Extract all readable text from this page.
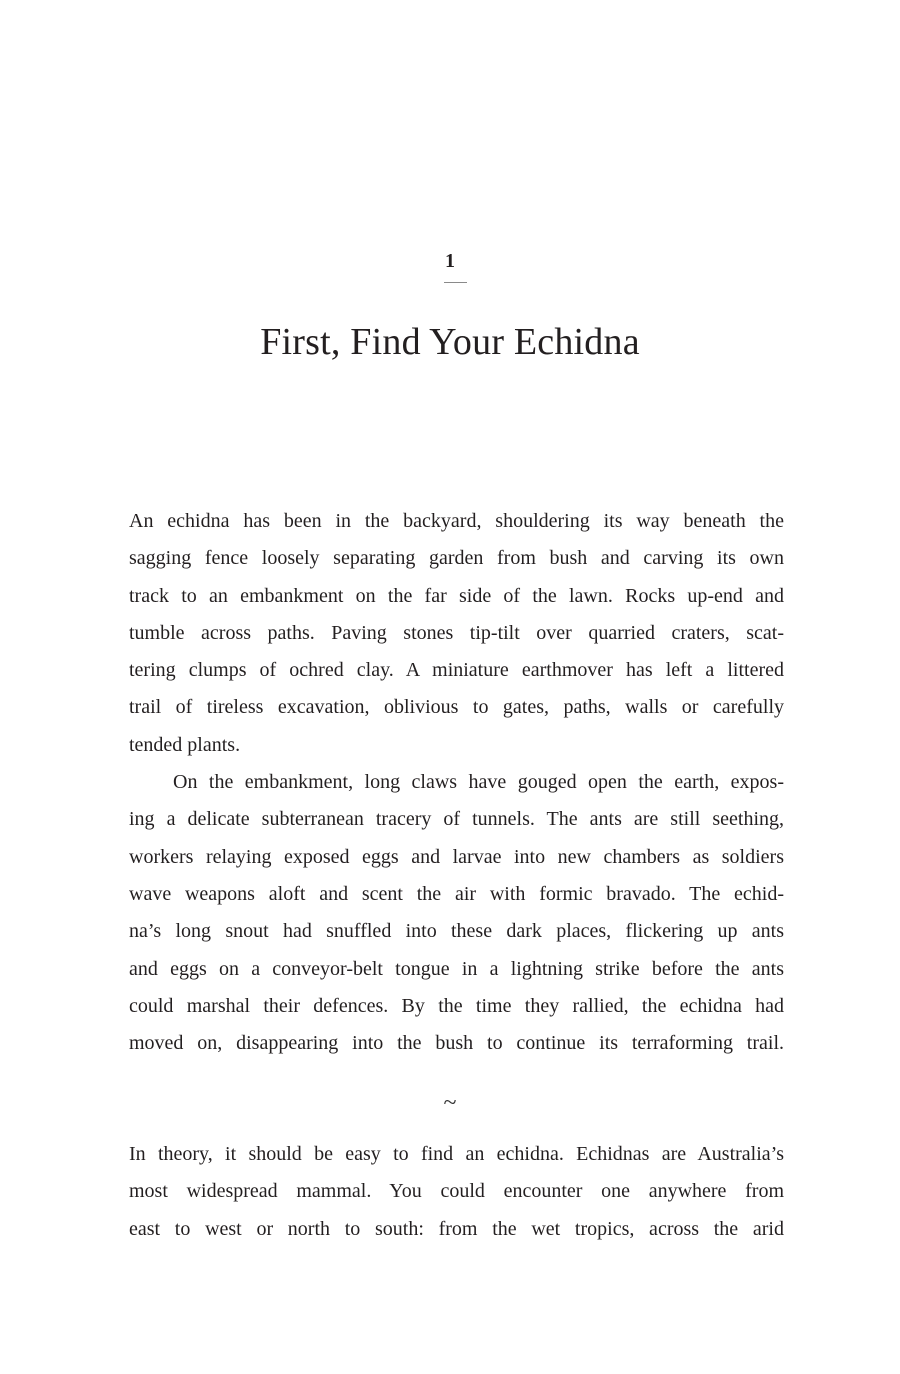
1
First, Find Your Echidna
An echidna has been in the backyard, shouldering its way beneath the
sagging fence loosely separating garden from bush and carving its own
track to an embankment on the far side of the lawn. Rocks up-end and
tumble across paths. Paving stones tip-tilt over quarried craters, scat-
tering clumps of ochred clay. A miniature earthmover has left a littered
trail of tireless excavation, oblivious to gates, paths, walls or carefully
tended plants.
On the embankment, long claws have gouged open the earth, expos-
ing a delicate subterranean tracery of tunnels. The ants are still seething,
workers relaying exposed eggs and larvae into new chambers as soldiers
wave weapons aloft and scent the air with formic bravado. The echid-
na’s long snout had snuffled into these dark places, flickering up ants
and eggs on a conveyor-belt tongue in a lightning strike before the ants
could marshal their defences. By the time they rallied, the echidna had
moved on, disappearing into the bush to continue its terraforming trail.
~
In theory, it should be easy to find an echidna. Echidnas are Australia’s
most widespread mammal. You could encounter one anywhere from
east to west or north to south: from the wet tropics, across the arid
